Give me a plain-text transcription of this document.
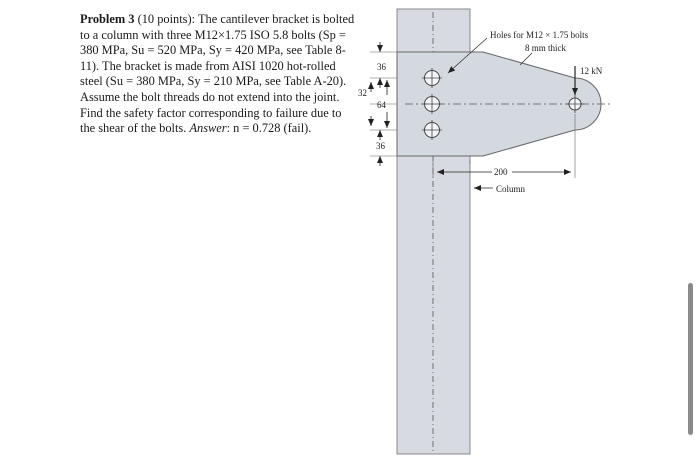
Problem 3 (10 points): The cantilever bracket is bolted to a column with three M12×1.75 ISO 5.8 bolts (Sp = 380 MPa, Su = 520 MPa, Sy = 420 MPa, see Table 8-11). The bracket is made from AISI 1020 hot-rolled steel (Su = 380 MPa, Sy = 210 MPa, see Table A-20). Assume the bolt threads do not extend into the joint. Find the safety factor corresponding to failure due to the shear of the bolts. Answer: n = 0.728 (fail).

12 kN
Holes for M12 × 1.75 bolts
8 mm thick
36
32
64
36
200
Column
